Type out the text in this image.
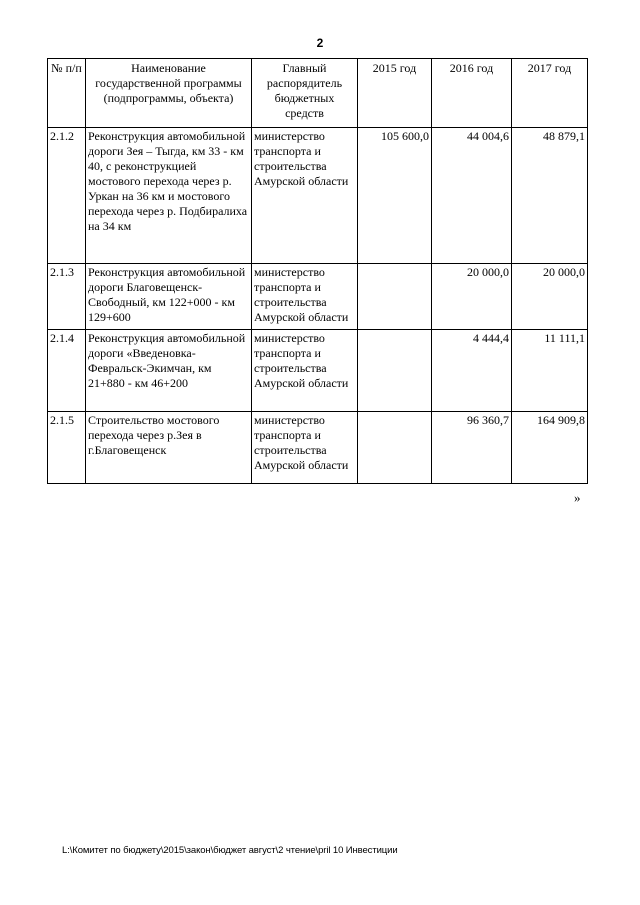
2
№ п/п	Наименование государственной программы (подпрограммы, объекта)	Главный распорядитель бюджетных средств	2015 год	2016 год	2017 год
2.1.2	Реконструкция автомобильной дороги Зея – Тыгда, км 33 - км 40, с реконструкцией мостового перехода через р. Уркан на 36 км и мостового перехода через р. Подбиралиха на 34 км	министерство транспорта и строительства Амурской области	105 600,0	44 004,6	48 879,1
2.1.3	Реконструкция автомобильной дороги Благовещенск-Свободный, км 122+000 - км 129+600	министерство транспорта и строительства Амурской области		20 000,0	20 000,0
2.1.4	Реконструкция автомобильной дороги «Введеновка-Февральск-Экимчан, км 21+880 - км 46+200	министерство транспорта и строительства Амурской области		4 444,4	11 111,1
2.1.5	Строительство мостового перехода через р.Зея в г.Благовещенск	министерство транспорта и строительства Амурской области		96 360,7	164 909,8
»
L:\Комитет по бюджету\2015\закон\бюджет август\2 чтение\pril 10 Инвестиции
